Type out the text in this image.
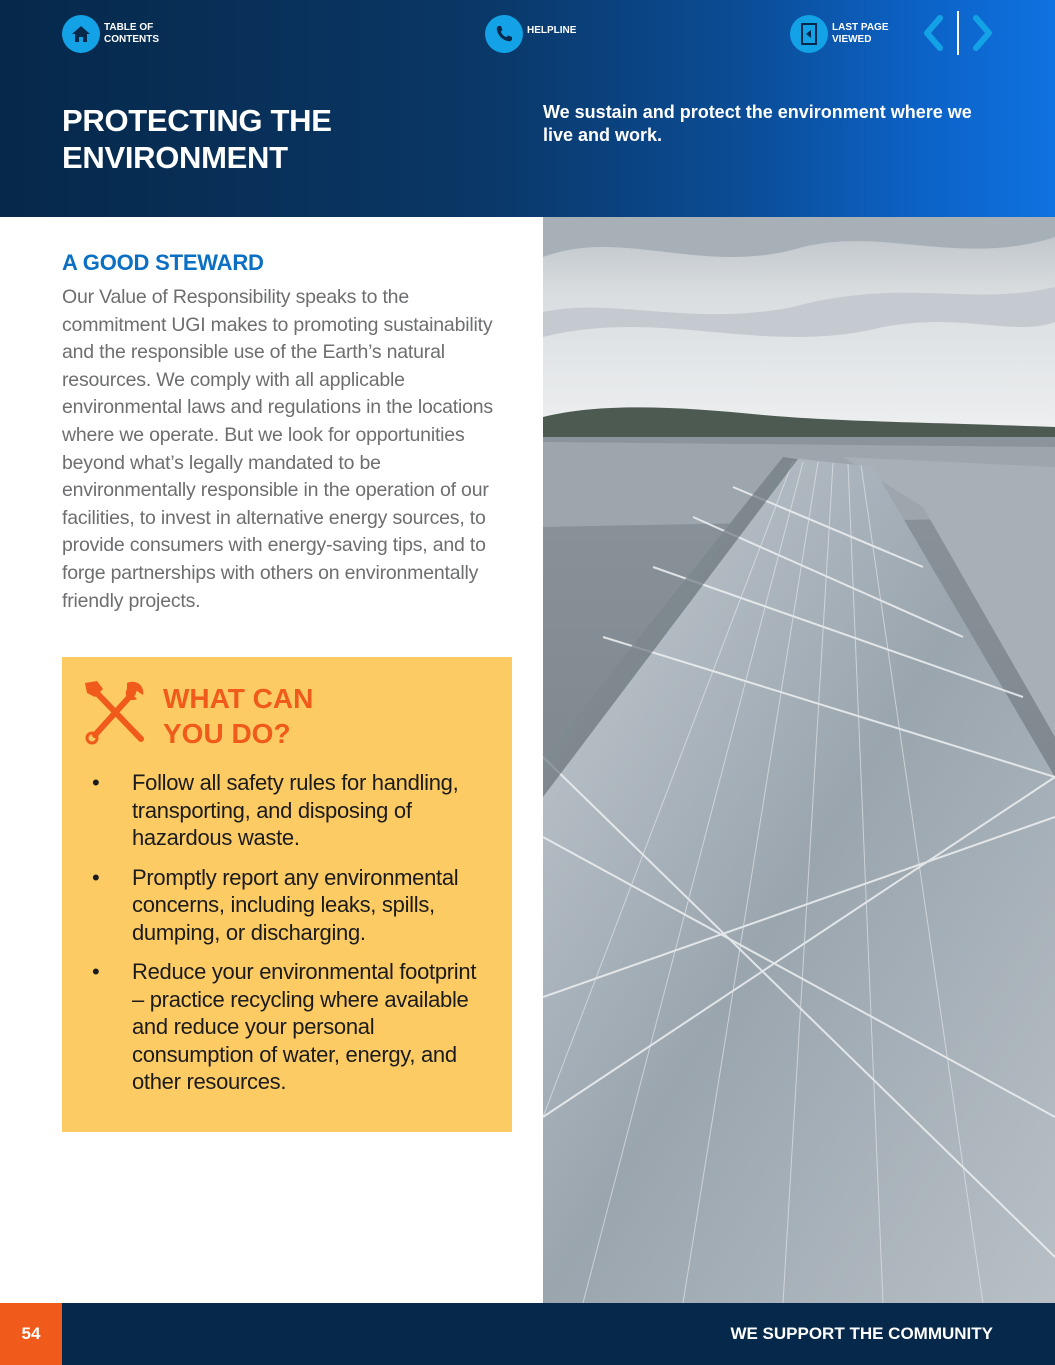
TABLE OF CONTENTS
HELPLINE	LAST PAGE VIEWED
PROTECTING THE ENVIRONMENT

We sustain and protect the environment where we live and work.

A GOOD STEWARD

Our Value of Responsibility speaks to the commitment UGI makes to promoting sustainability and the responsible use of the Earth’s natural resources. We comply with all applicable environmental laws and regulations in the locations where we operate. But we look for opportunities beyond what’s legally mandated to be environmentally responsible in the operation of our facilities, to invest in alternative energy sources, to provide consumers with energy-saving tips, and to forge partnerships with others on environmentally friendly projects.

WHAT CAN
YOU DO?
• Follow all safety rules for handling, transporting, and disposing of hazardous waste.
• Promptly report any environmental concerns, including leaks, spills, dumping, or discharging.
• Reduce your environmental footprint – practice recycling where available and reduce your personal consumption of water, energy, and other resources.
54	WE SUPPORT THE COMMUNITY
